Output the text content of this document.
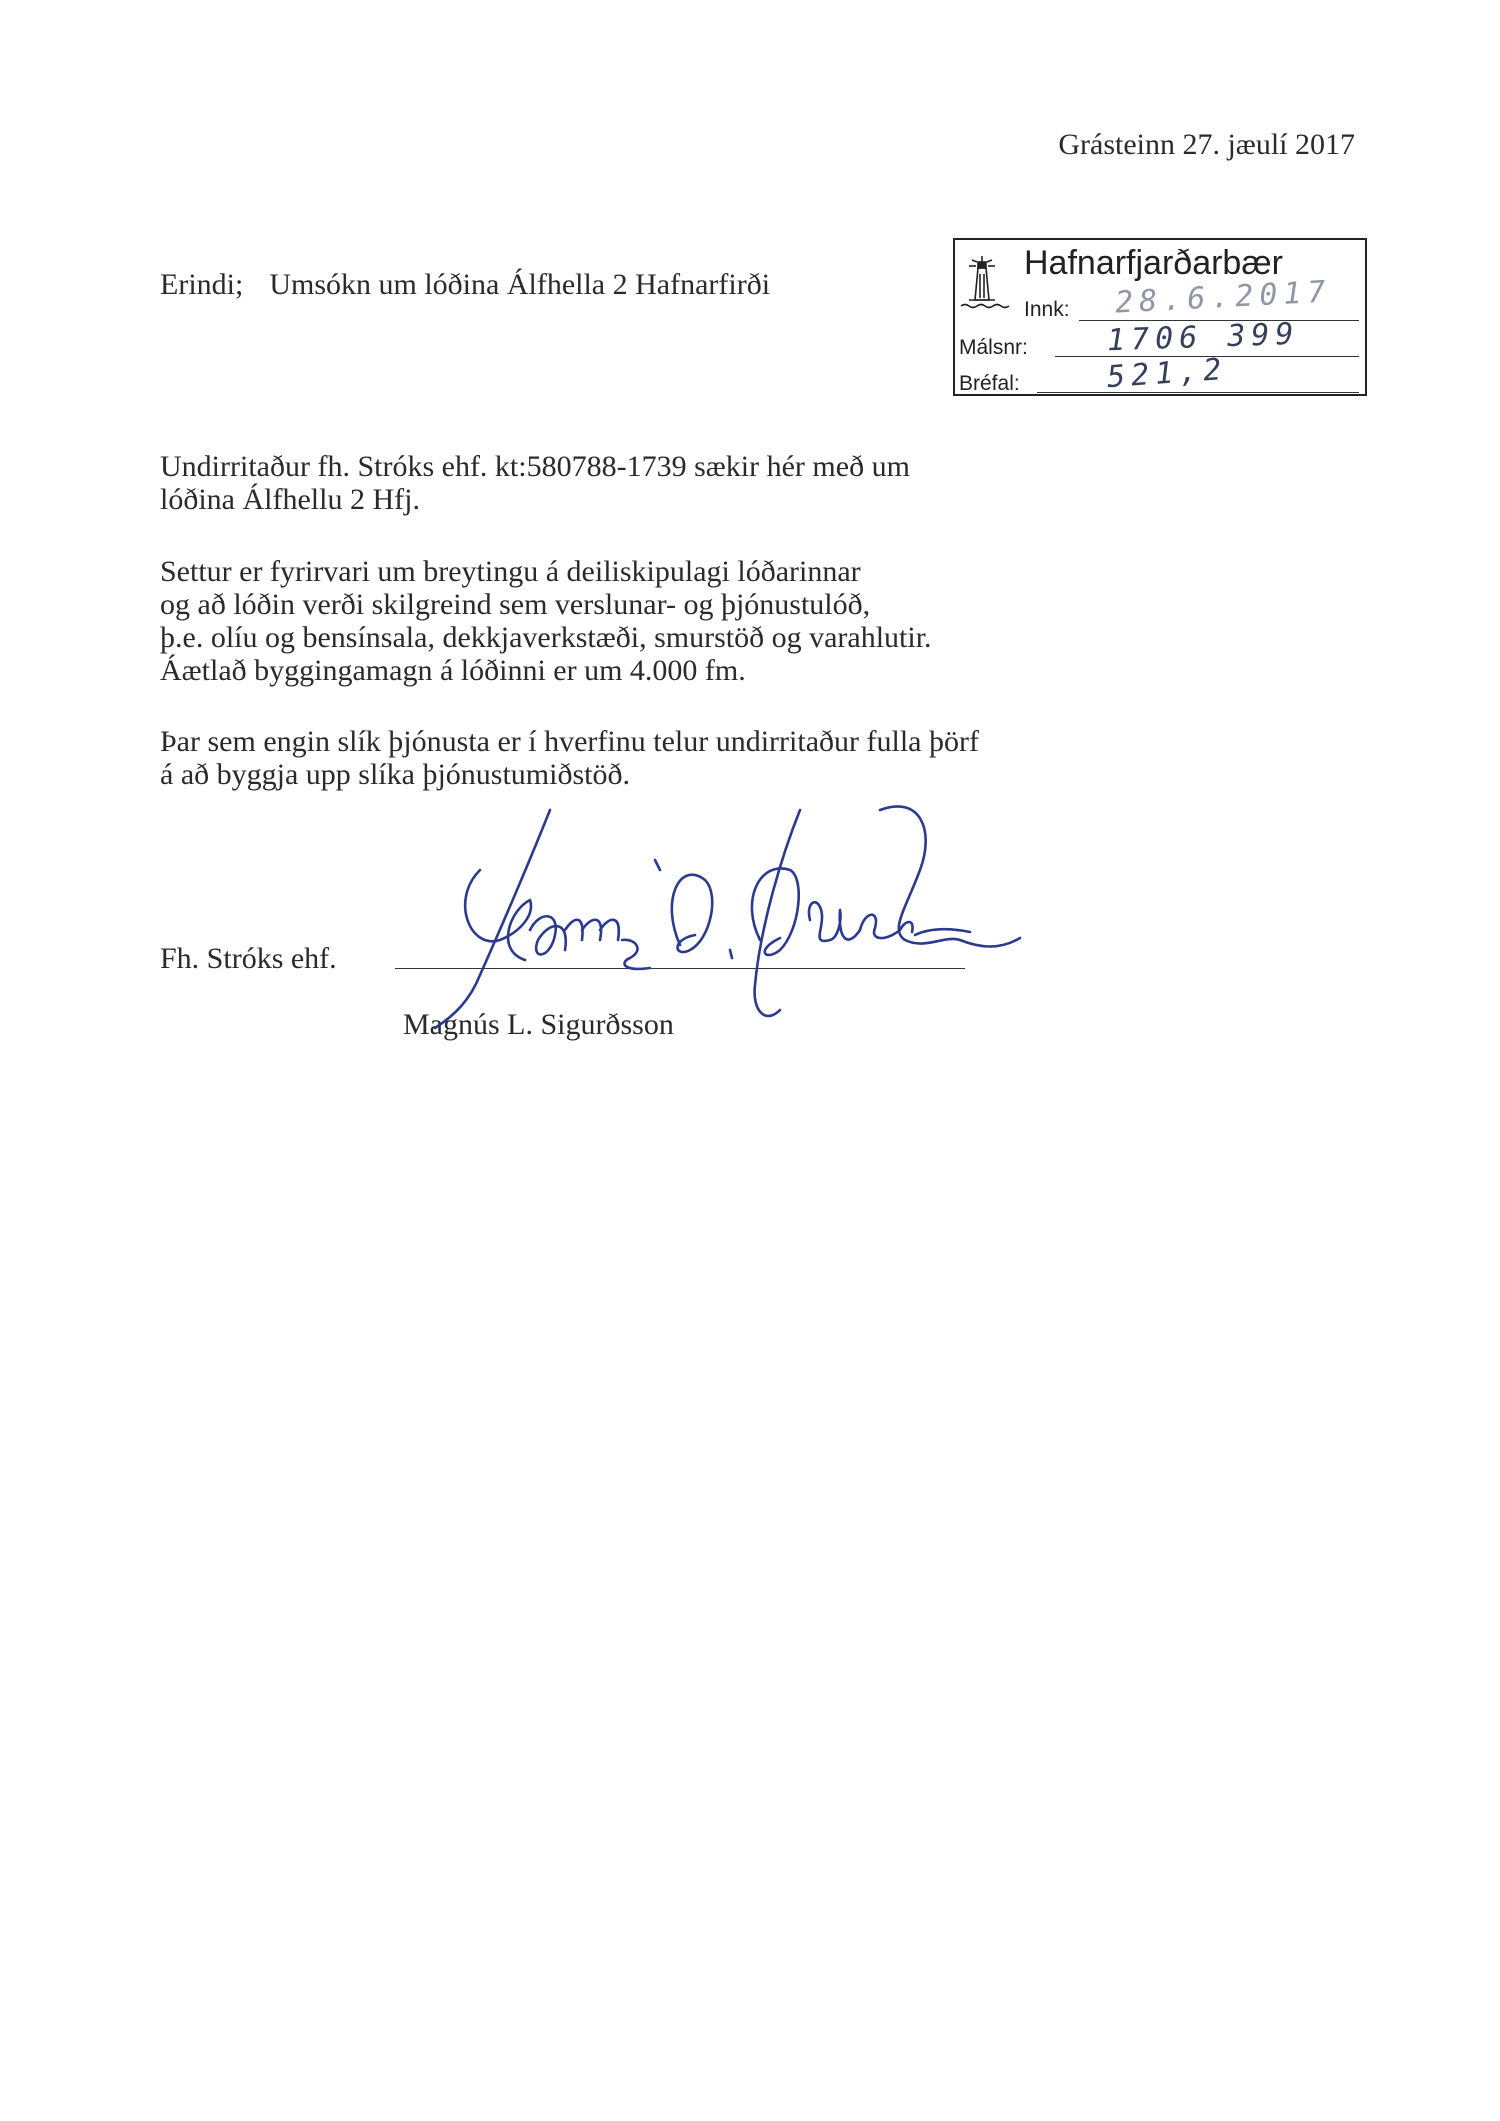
Grásteinn 27. jæulí 2017
Erindi; Umsókn um lóðina Álfhella 2 Hafnarfirði
Hafnarfjarðarbær
Innk: 28.6.2017
Málsnr:	1706 399
Bréfal:	521,2
Undirritaður fh. Stróks ehf. kt:580788-1739 sækir hér með um
lóðina Álfhellu 2 Hfj.
Settur er fyrirvari um breytingu á deiliskipulagi lóðarinnar
og að lóðin verði skilgreind sem verslunar- og þjónustulóð,
þ.e. olíu og bensínsala, dekkjaverkstæði, smurstöð og varahlutir.
Áætlað byggingamagn á lóðinni er um 4.000 fm.
Þar sem engin slík þjónusta er í hverfinu telur undirritaður fulla þörf
á að byggja upp slíka þjónustumiðstöð.
Fh. Stróks ehf.
Magnús L. Sigurðsson
